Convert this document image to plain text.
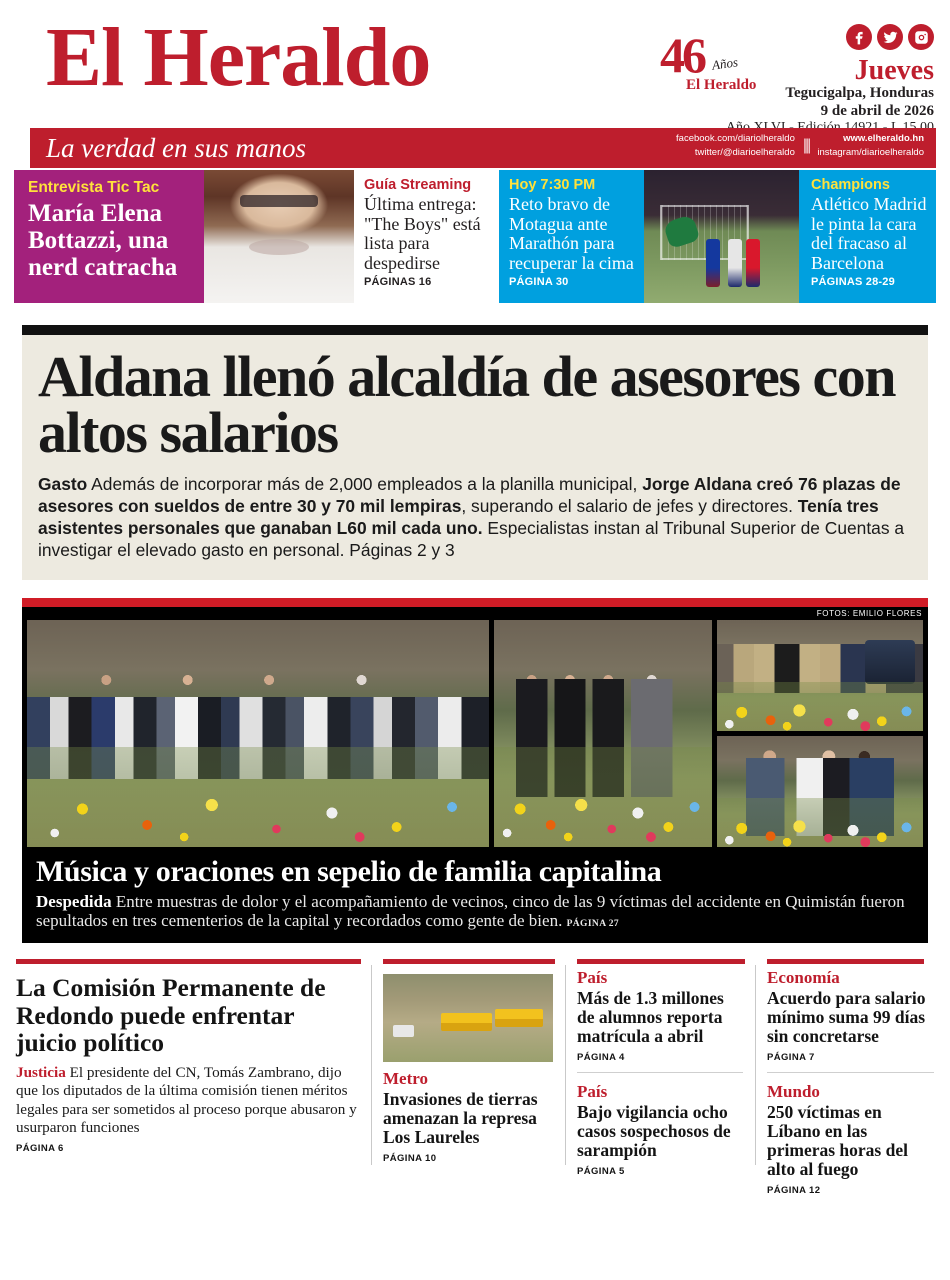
El Heraldo	46 Años
El Heraldo	Jueves
Tegucigalpa, Honduras
9 de abril de 2026
La verdad en sus manos	facebook.com/diariolheraldo
twitter/@diarioelheraldo |||	www.elheraldo.hn
instagram/diarioelheraldo
Entrevista Tic Tac
María Elena Bottazzi, una nerd catracha
Guía Streaming
Última entrega: "The Boys" está lista para despedirse
PÁGINAS 16
Hoy 7:30 PM
Reto bravo de Motagua ante Marathón para recuperar la cima
PÁGINA 30
Champions
Atlético Madrid le pinta la cara del fracaso al Barcelona
PÁGINAS 28-29
Aldana llenó alcaldía de asesores con altos salarios
Gasto Además de incorporar más de 2,000 empleados a la planilla municipal, Jorge Aldana creó 76 plazas de asesores con sueldos de entre 30 y 70 mil lempiras, superando el salario de jefes y directores. Tenía tres asistentes personales que ganaban L60 mil cada uno. Especialistas instan al Tribunal Superior de Cuentas a investigar el elevado gasto en personal. Páginas 2 y 3
FOTOS: EMILIO FLORES
Música y oraciones en sepelio de familia capitalina
Despedida Entre muestras de dolor y el acompañamiento de vecinos, cinco de las 9 víctimas del accidente en Quimistán fueron sepultados en tres cementerios de la capital y recordados como gente de bien. PÁGINA 27
La Comisión Permanente de Redondo puede enfrentar juicio político
Justicia El presidente del CN, Tomás Zambrano, dijo que los diputados de la última comisión tienen méritos legales para ser sometidos al proceso porque abusaron y usurparon funciones
PÁGINA 6
Metro
Invasiones de tierras amenazan la represa Los Laureles
PÁGINA 10
País
Más de 1.3 millones de alumnos reporta matrícula a abril
PÁGINA 4
País
Bajo vigilancia ocho casos sospechosos de sarampión
PÁGINA 5
Economía
Acuerdo para salario mínimo suma 99 días sin concretarse
PÁGINA 7
Mundo
250 víctimas en Líbano en las primeras horas del alto al fuego
PÁGINA 12
